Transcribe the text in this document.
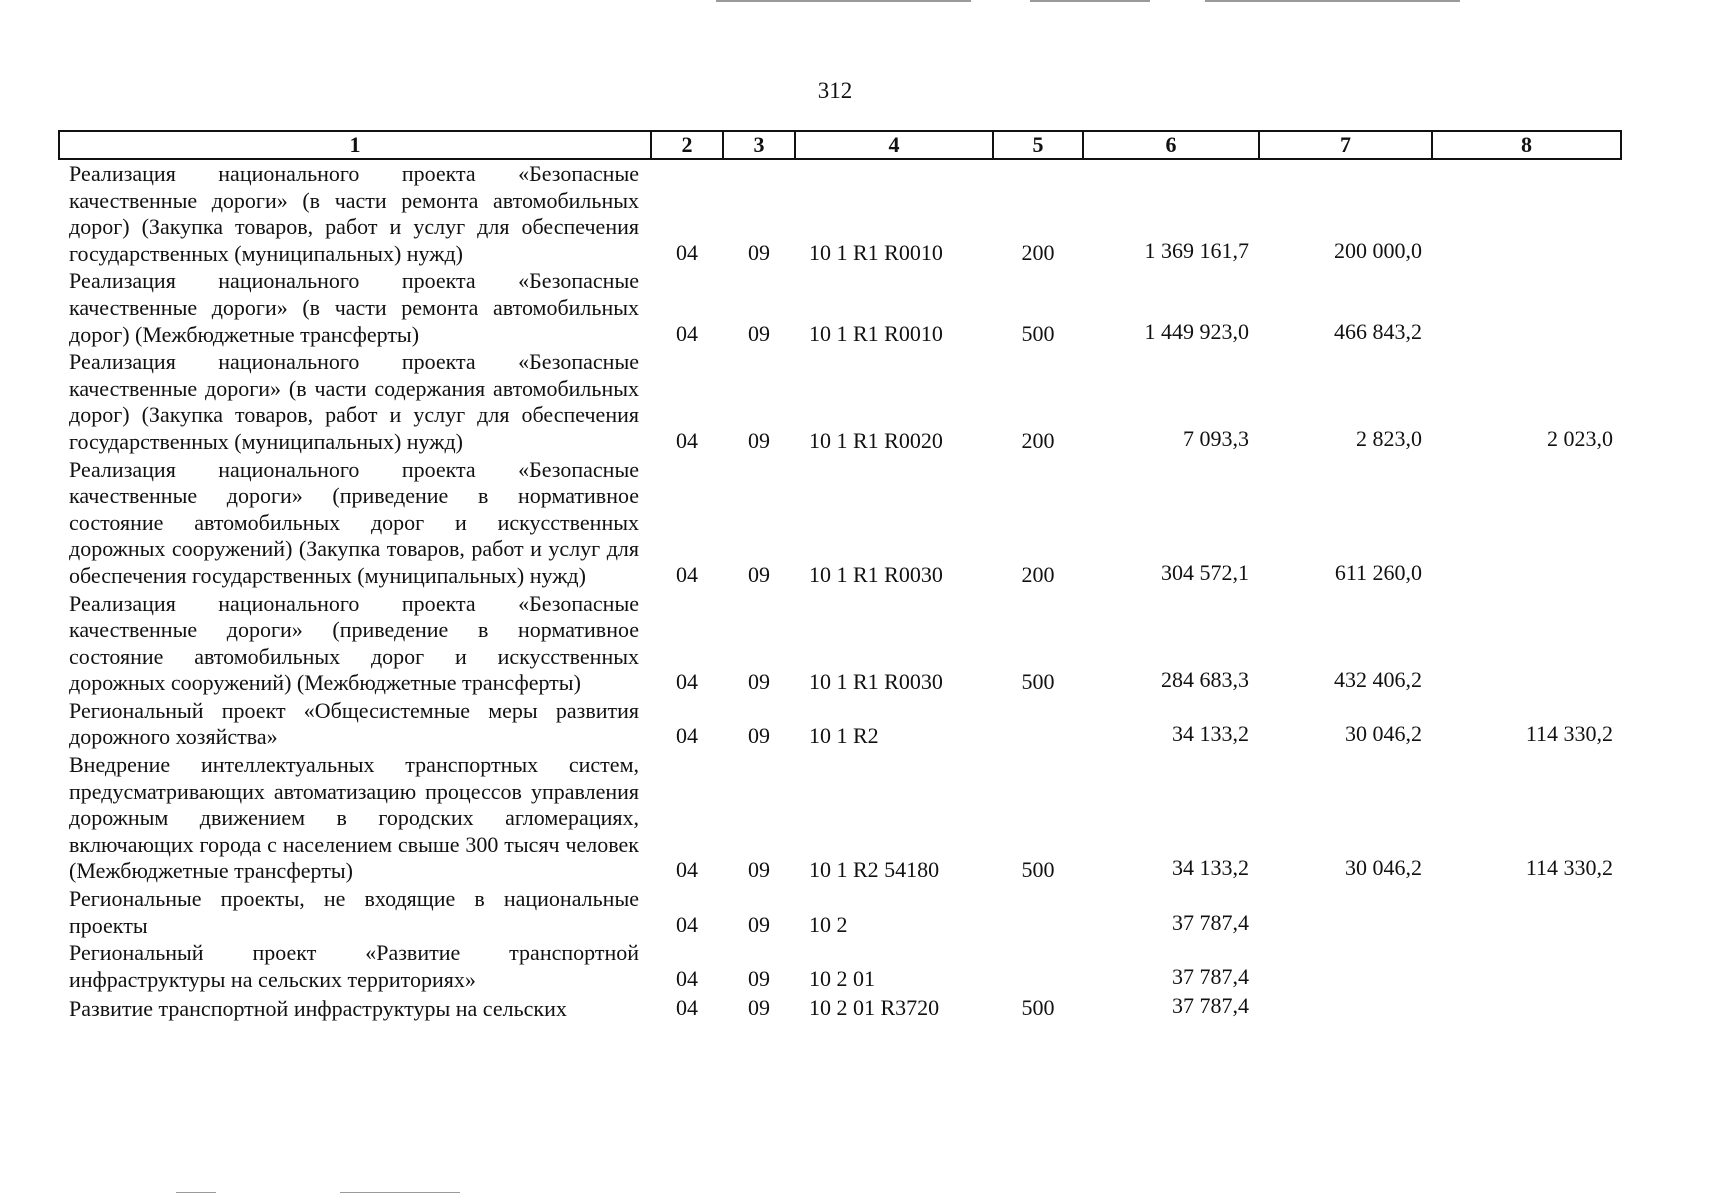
312
1	2	3	4	5	6	7	8
Реализация национального проекта «Безопасные качественные дороги» (в части ремонта автомобильных дорог) (Закупка товаров, работ и услуг для обеспечения государственных (муниципальных) нужд)	04	09	10 1 R1 R0010	200	1 369 161,7	200 000,0	
Реализация национального проекта «Безопасные качественные дороги» (в части ремонта автомобильных дорог) (Межбюджетные трансферты)	04	09	10 1 R1 R0010	500	1 449 923,0	466 843,2	
Реализация национального проекта «Безопасные качественные дороги» (в части содержания автомобильных дорог) (Закупка товаров, работ и услуг для обеспечения государственных (муниципальных) нужд)	04	09	10 1 R1 R0020	200	7 093,3	2 823,0	2 023,0
Реализация национального проекта «Безопасные качественные дороги» (приведение в нормативное состояние автомобильных дорог и искусственных дорожных сооружений) (Закупка товаров, работ и услуг для обеспечения государственных (муниципальных) нужд)	04	09	10 1 R1 R0030	200	304 572,1	611 260,0	
Реализация национального проекта «Безопасные качественные дороги» (приведение в нормативное состояние автомобильных дорог и искусственных дорожных сооружений) (Межбюджетные трансферты)	04	09	10 1 R1 R0030	500	284 683,3	432 406,2	
Региональный проект «Общесистемные меры развития дорожного хозяйства»	04	09	10 1 R2		34 133,2	30 046,2	114 330,2
Внедрение интеллектуальных транспортных систем, предусматривающих автоматизацию процессов управления дорожным движением в городских агломерациях, включающих города с населением свыше 300 тысяч человек (Межбюджетные трансферты)	04	09	10 1 R2 54180	500	34 133,2	30 046,2	114 330,2
Региональные проекты, не входящие в национальные проекты	04	09	10 2		37 787,4		
Региональный проект «Развитие транспортной инфраструктуры на сельских территориях»	04	09	10 2 01		37 787,4		
Развитие транспортной инфраструктуры на сельских	04	09	10 2 01 R3720	500	37 787,4		
